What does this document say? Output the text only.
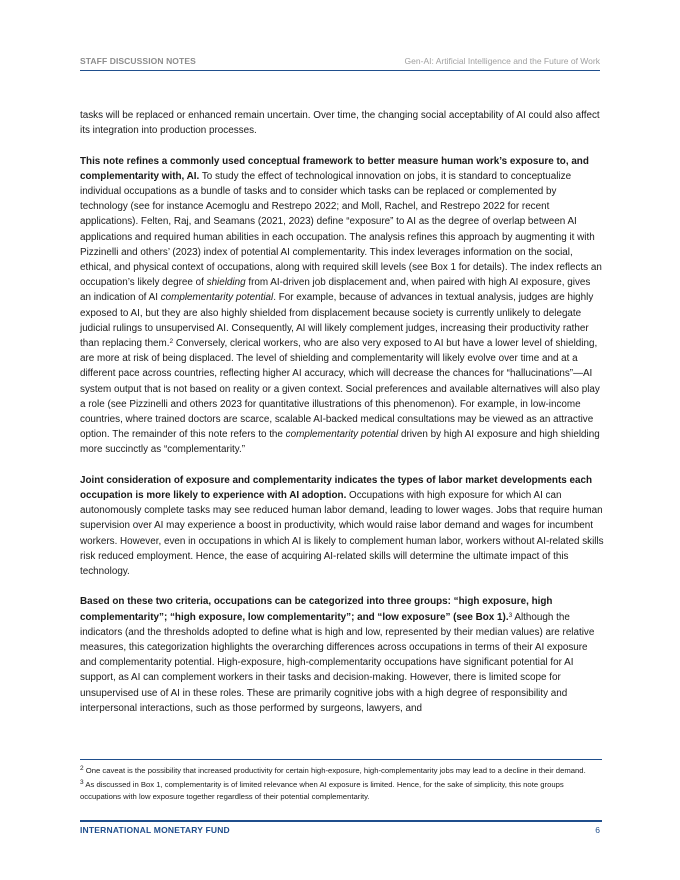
STAFF DISCUSSION NOTES	Gen-AI: Artificial Intelligence and the Future of Work

tasks will be replaced or enhanced remain uncertain. Over time, the changing social acceptability of AI could also affect its integration into production processes.

This note refines a commonly used conceptual framework to better measure human work’s exposure to, and complementarity with, AI. To study the effect of technological innovation on jobs, it is standard to conceptualize individual occupations as a bundle of tasks and to consider which tasks can be replaced or complemented by technology (see for instance Acemoglu and Restrepo 2022; and Moll, Rachel, and Restrepo 2022 for recent applications). Felten, Raj, and Seamans (2021, 2023) define “exposure” to AI as the degree of overlap between AI applications and required human abilities in each occupation. The analysis refines this approach by augmenting it with Pizzinelli and others’ (2023) index of potential AI complementarity. This index leverages information on the social, ethical, and physical context of occupations, along with required skill levels (see Box 1 for details). The index reflects an occupation’s likely degree of shielding from AI-driven job displacement and, when paired with high AI exposure, gives an indication of AI complementarity potential. For example, because of advances in textual analysis, judges are highly exposed to AI, but they are also highly shielded from displacement because society is currently unlikely to delegate judicial rulings to unsupervised AI. Consequently, AI will likely complement judges, increasing their productivity rather than replacing them.$^2$ Conversely, clerical workers, who are also very exposed to AI but have a lower level of shielding, are more at risk of being displaced. The level of shielding and complementarity will likely evolve over time and at a different pace across countries, reflecting higher AI accuracy, which will decrease the chances for “hallucinations”—AI system output that is not based on reality or a given context. Social preferences and available alternatives will also play a role (see Pizzinelli and others 2023 for quantitative illustrations of this phenomenon). For example, in low-income countries, where trained doctors are scarce, scalable AI-backed medical consultations may be viewed as an attractive option. The remainder of this note refers to the complementarity potential driven by high AI exposure and high shielding more succinctly as “complementarity.”

Joint consideration of exposure and complementarity indicates the types of labor market developments each occupation is more likely to experience with AI adoption. Occupations with high exposure for which AI can autonomously complete tasks may see reduced human labor demand, leading to lower wages. Jobs that require human supervision over AI may experience a boost in productivity, which would raise labor demand and wages for incumbent workers. However, even in occupations in which AI is likely to complement human labor, workers without AI-related skills risk reduced employment. Hence, the ease of acquiring AI-related skills will determine the ultimate impact of this technology.

Based on these two criteria, occupations can be categorized into three groups: “high exposure, high complementarity”; “high exposure, low complementarity”; and “low exposure” (see Box 1).$^3$ Although the indicators (and the thresholds adopted to define what is high and low, represented by their median values) are relative measures, this categorization highlights the overarching differences across occupations in terms of their AI exposure and complementarity potential. High-exposure, high-complementarity occupations have significant potential for AI support, as AI can complement workers in their tasks and decision-making. However, there is limited scope for unsupervised use of AI in these roles. These are primarily cognitive jobs with a high degree of responsibility and interpersonal interactions, such as those performed by surgeons, lawyers, and

$^2$ One caveat is the possibility that increased productivity for certain high-exposure, high-complementarity jobs may lead to a decline in their demand.

$^3$ As discussed in Box 1, complementarity is of limited relevance when AI exposure is limited. Hence, for the sake of simplicity, this note groups occupations with low exposure together regardless of their potential complementarity.

INTERNATIONAL MONETARY FUND	6
